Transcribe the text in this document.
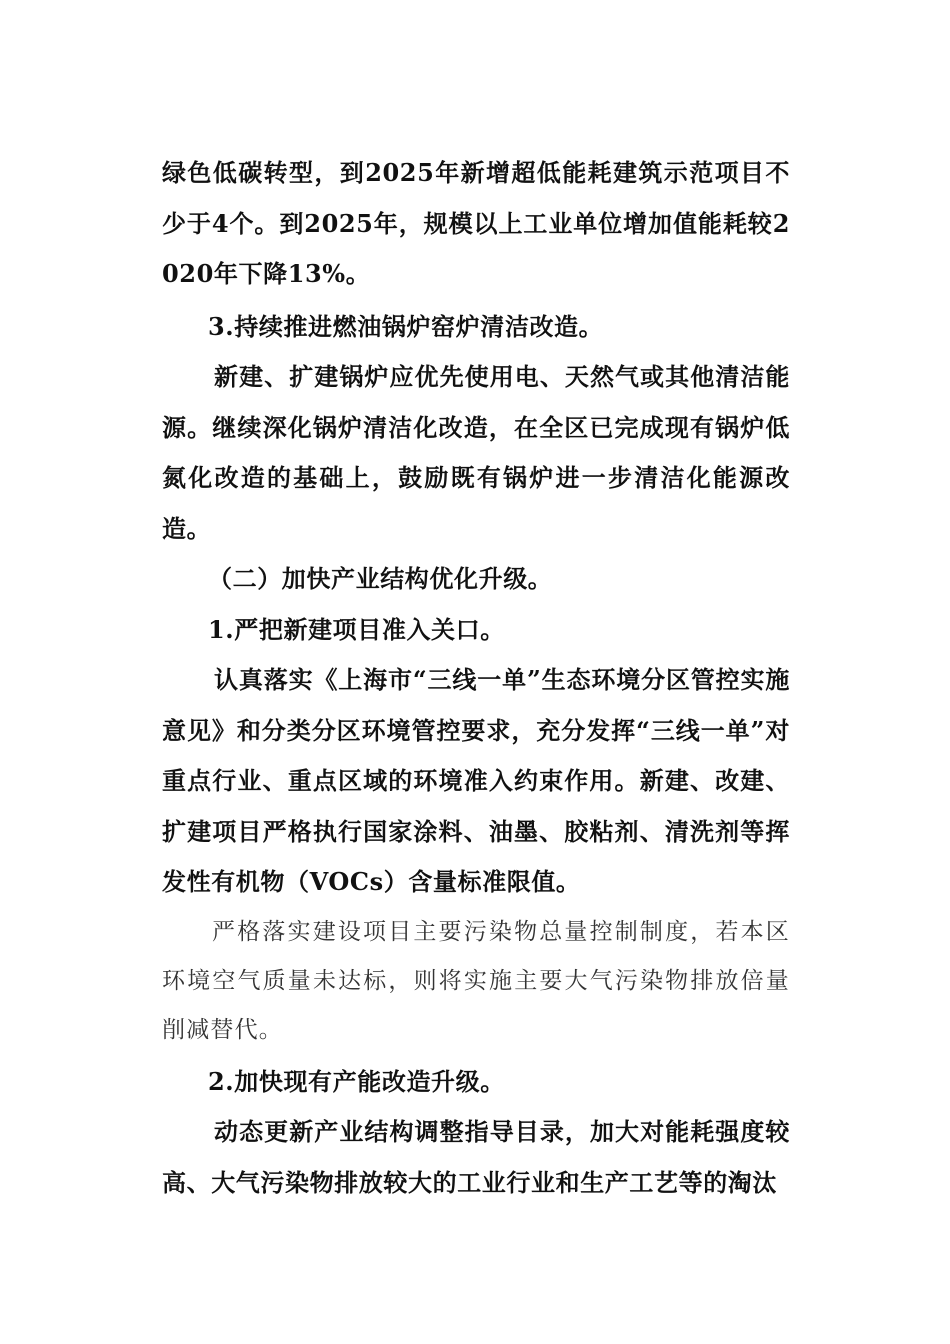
绿色低碳转型，到2025年新增超低能耗建筑示范项目不少于4个。到2025年，规模以上工业单位增加值能耗较2020年下降13%。

3.持续推进燃油锅炉窑炉清洁改造。

新建、扩建锅炉应优先使用电、天然气或其他清洁能源。继续深化锅炉清洁化改造，在全区已完成现有锅炉低氮化改造的基础上，鼓励既有锅炉进一步清洁化能源改造。

（二）加快产业结构优化升级。

1.严把新建项目准入关口。

认真落实《上海市“三线一单”生态环境分区管控实施意见》和分类分区环境管控要求，充分发挥“三线一单”对重点行业、重点区域的环境准入约束作用。新建、改建、扩建项目严格执行国家涂料、油墨、胶粘剂、清洗剂等挥发性有机物（VOCs）含量标准限值。

严格落实建设项目主要污染物总量控制制度，若本区环境空气质量未达标，则将实施主要大气污染物排放倍量削减替代。

2.加快现有产能改造升级。

动态更新产业结构调整指导目录，加大对能耗强度较高、大气污染物排放较大的工业行业和生产工艺等的淘汰
